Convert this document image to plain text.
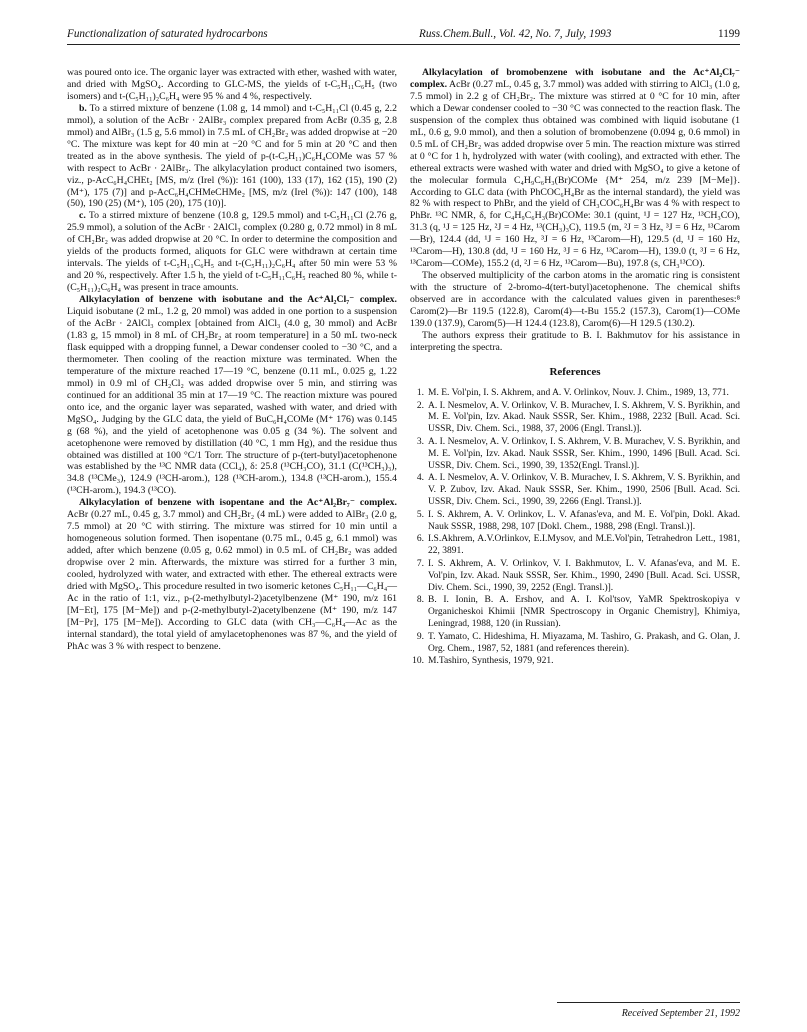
Functionalization of saturated hydrocarbons	Russ.Chem.Bull., Vol. 42, No. 7, July, 1993	1199

was poured onto ice. The organic layer was extracted with ether, washed with water, and dried with MgSO₄. According to GLC-MS, the yields of t-C₅H₁₁C₆H₅ (two isomers) and t-(C₅H₁₁)₂C₆H₄ were 95 % and 4 %, respectively.

b. To a stirred mixture of benzene (1.08 g, 14 mmol) and t-C₅H₁₁Cl (0.45 g, 2.2 mmol), a solution of the AcBr · 2AlBr₃ complex prepared from AcBr (0.35 g, 2.8 mmol) and AlBr₃ (1.5 g, 5.6 mmol) in 7.5 mL of CH₂Br₂ was added dropwise at −20 °C. The mixture was kept for 40 min at −20 °C and for 5 min at 20 °C and then treated as in the above synthesis. The yield of p-(t-C₅H₁₁)C₆H₄COMe was 57 % with respect to AcBr · 2AlBr₃. The alkylacylation product contained two isomers, viz., p-AcC₆H₄CHEt₂ [MS, m/z (Irel (%)): 161 (100), 133 (17), 162 (15), 190 (2) (M⁺), 175 (7)] and p-AcC₆H₄CHMeCHMe₂ [MS, m/z (Irel (%)): 147 (100), 148 (50), 190 (25) (M⁺), 105 (20), 175 (10)].

c. To a stirred mixture of benzene (10.8 g, 129.5 mmol) and t-C₅H₁₁Cl (2.76 g, 25.9 mmol), a solution of the AcBr · 2AlCl₃ complex (0.280 g, 0.72 mmol) in 8 mL of CH₂Br₂ was added dropwise at 20 °C. In order to determine the composition and yields of the products formed, aliquots for GLC were withdrawn at certain time intervals. The yields of t-C₅H₁₁C₆H₅ and t-(C₅H₁₁)₂C₆H₄ after 50 min were 53 % and 20 %, respectively. After 1.5 h, the yield of t-C₅H₁₁C₆H₅ reached 80 %, while t-(C₅H₁₁)₂C₆H₄ was present in trace amounts.

Alkylacylation of benzene with isobutane and the Ac⁺Al₂Cl₇⁻ complex. Liquid isobutane (2 mL, 1.2 g, 20 mmol) was added in one portion to a suspension of the AcBr · 2AlCl₃ complex [obtained from AlCl₃ (4.0 g, 30 mmol) and AcBr (1.83 g, 15 mmol) in 8 mL of CH₂Br₂ at room temperature] in a 50 mL two-neck flask equipped with a dropping funnel, a Dewar condenser cooled to −30 °C, and a thermometer. Then cooling of the reaction mixture was terminated. When the temperature of the mixture reached 17—19 °C, benzene (0.11 mL, 0.025 g, 1.22 mmol) in 0.9 ml of CH₂Cl₂ was added dropwise over 5 min, and stirring was continued for an additional 35 min at 17—19 °C. The reaction mixture was poured onto ice, and the organic layer was separated, washed with water, and dried with MgSO₄. Judging by the GLC data, the yield of BuC₆H₄COMe (M⁺ 176) was 0.145 g (68 %), and the yield of acetophenone was 0.05 g (34 %). The solvent and acetophenone were removed by distillation (40 °C, 1 mm Hg), and the residue thus obtained was distilled at 100 °C/1 Torr. The structure of p-(tert-butyl)acetophenone was established by the ¹³C NMR data (CCl₄), δ: 25.8 (¹³CH₃CO), 31.1 (C(¹³CH₃)₃), 34.8 (¹³CMe₃), 124.9 (¹³CH-arom.), 128 (¹³CH-arom.), 134.8 (¹³CH-arom.), 155.4 (¹³CH-arom.), 194.3 (¹³CO).

Alkylacylation of benzene with isopentane and the Ac⁺Al₂Br₇⁻ complex. AcBr (0.27 mL, 0.45 g, 3.7 mmol) and CH₂Br₂ (4 mL) were added to AlBr₃ (2.0 g, 7.5 mmol) at 20 °C with stirring. The mixture was stirred for 10 min until a homogeneous solution formed. Then isopentane (0.75 mL, 0.45 g, 6.1 mmol) was added, after which benzene (0.05 g, 0.62 mmol) in 0.5 mL of CH₂Br₂ was added dropwise over 2 min. Afterwards, the mixture was stirred for a further 3 min, cooled, hydrolyzed with water, and extracted with ether. The ethereal extracts were dried with MgSO₄. This procedure resulted in two isomeric ketones C₅H₁₁—C₆H₄—Ac in the ratio of 1:1, viz., p-(2-methylbutyl-2)acetylbenzene (M⁺ 190, m/z 161 [M−Et], 175 [M−Me]) and p-(2-methylbutyl-2)acetylbenzene (M⁺ 190, m/z 147 [M−Pr], 175 [M−Me]). According to GLC data (with CH₃—C₆H₄—Ac as the internal standard), the total yield of amylacetophenones was 87 %, and the yield of PhAc was 3 % with respect to benzene.

Alkylacylation of bromobenzene with isobutane and the Ac⁺Al₂Cl₇⁻ complex. AcBr (0.27 mL, 0.45 g, 3.7 mmol) was added with stirring to AlCl₃ (1.0 g, 7.5 mmol) in 2.2 g of CH₂Br₂. The mixture was stirred at 0 °C for 10 min, after which a Dewar condenser cooled to −30 °C was connected to the reaction flask. The suspension of the complex thus obtained was combined with liquid isobutane (1 mL, 0.6 g, 9.0 mmol), and then a solution of bromobenzene (0.094 g, 0.6 mmol) in 0.5 mL of CH₂Br₂ was added dropwise over 5 min. The reaction mixture was stirred at 0 °C for 1 h, hydrolyzed with water (with cooling), and extracted with ether. The ethereal extracts were washed with water and dried with MgSO₄ to give a ketone of the molecular formula C₄H₉C₆H₃(Br)COMe {M⁺ 254, m/z 239 [M−Me]}. According to GLC data (with PhCOC₆H₄Br as the internal standard), the yield was 82 % with respect to PhBr, and the yield of CH₃COC₆H₄Br was 4 % with respect to PhBr. ¹³C NMR, δ, for C₄H₉C₆H₃(Br)COMe: 30.1 (quint, ¹J = 127 Hz, ¹³CH₃CO), 31.3 (q, ¹J = 125 Hz, ²J = 4 Hz, ¹³(CH₃)₃C), 119.5 (m, ²J = 3 Hz, ³J = 6 Hz, ¹³Carom—Br), 124.4 (dd, ¹J = 160 Hz, ³J = 6 Hz, ¹³Carom—H), 129.5 (d, ¹J = 160 Hz, ¹³Carom—H), 130.8 (dd, ¹J = 160 Hz, ³J = 6 Hz, ¹³Carom—H), 139.0 (t, ³J = 6 Hz, ¹³Carom—COMe), 155.2 (d, ²J = 6 Hz, ¹³Carom—Bu), 197.8 (s, CH₃¹³CO).

The observed multiplicity of the carbon atoms in the aromatic ring is consistent with the structure of 2-bromo-4(tert-butyl)acetophenone. The chemical shifts observed are in accordance with the calculated values given in parentheses:⁸ Carom(2)—Br 119.5 (122.8), Carom(4)—t-Bu 155.2 (157.3), Carom(1)—COMe 139.0 (137.9), Carom(5)—H 124.4 (123.8), Carom(6)—H 129.5 (130.2).

The authors express their gratitude to B. I. Bakhmutov for his assistance in interpreting the spectra.

References
1. M. E. Vol'pin, I. S. Akhrem, and A. V. Orlinkov, Nouv. J. Chim., 1989, 13, 771.
2. A. I. Nesmelov, A. V. Orlinkov, V. B. Murachev, I. S. Akhrem, V. S. Byrikhin, and M. E. Vol'pin, Izv. Akad. Nauk SSSR, Ser. Khim., 1988, 2232 [Bull. Acad. Sci. USSR, Div. Chem. Sci., 1988, 37, 2006 (Engl. Transl.)].
3. A. I. Nesmelov, A. V. Orlinkov, I. S. Akhrem, V. B. Murachev, V. S. Byrikhin, and M. E. Vol'pin, Izv. Akad. Nauk SSSR, Ser. Khim., 1990, 1496 [Bull. Acad. Sci. USSR, Div. Chem. Sci., 1990, 39, 1352(Engl. Transl.)].
4. A. I. Nesmelov, A. V. Orlinkov, V. B. Murachev, I. S. Akhrem, V. S. Byrikhin, and V. P. Zubov, Izv. Akad. Nauk SSSR, Ser. Khim., 1990, 2506 [Bull. Acad. Sci. USSR, Div. Chem. Sci., 1990, 39, 2266 (Engl. Transl.)].
5. I. S. Akhrem, A. V. Orlinkov, L. V. Afanas'eva, and M. E. Vol'pin, Dokl. Akad. Nauk SSSR, 1988, 298, 107 [Dokl. Chem., 1988, 298 (Engl. Transl.)].
6. I.S.Akhrem, A.V.Orlinkov, E.I.Mysov, and M.E.Vol'pin, Tetrahedron Lett., 1981, 22, 3891.
7. I. S. Akhrem, A. V. Orlinkov, V. I. Bakhmutov, L. V. Afanas'eva, and M. E. Vol'pin, Izv. Akad. Nauk SSSR, Ser. Khim., 1990, 2490 [Bull. Acad. Sci. USSR, Div. Chem. Sci., 1990, 39, 2252 (Engl. Transl.)].
8. B. I. Ionin, B. A. Ershov, and A. I. Kol'tsov, YaMR Spektroskopiya v Organicheskoi Khimii [NMR Spectroscopy in Organic Chemistry], Khimiya, Leningrad, 1988, 120 (in Russian).
9. T. Yamato, C. Hideshima, H. Miyazama, M. Tashiro, G. Prakash, and G. Olan, J. Org. Chem., 1987, 52, 1881 (and references therein).
10. M.Tashiro, Synthesis, 1979, 921.
Received September 21, 1992
